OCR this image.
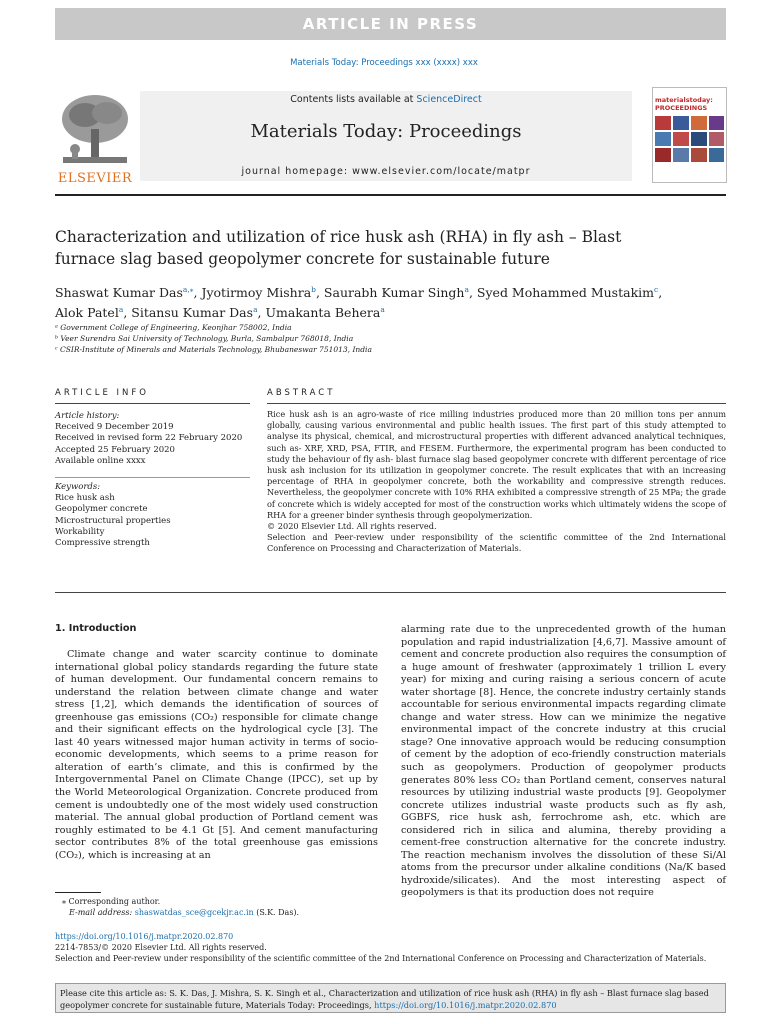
ARTICLE IN PRESS
Materials Today: Proceedings xxx (xxxx) xxx
ELSEVIER
Contents lists available at ScienceDirect
Materials Today: Proceedings
journal homepage: www.elsevier.com/locate/matpr
materialstoday: PROCEEDINGS
Characterization and utilization of rice husk ash (RHA) in fly ash – Blast
furnace slag based geopolymer concrete for sustainable future
Shaswat Kumar Das$^{a,⁎}$, Jyotirmoy Mishra$^b$, Saurabh Kumar Singh$^a$, Syed Mohammed Mustakim$^c$,
Alok Patel$^a$, Sitansu Kumar Das$^a$, Umakanta Behera$^a$
ᵃ Government College of Engineering, Keonjhar 758002, India
ᵇ Veer Surendra Sai University of Technology, Burla, Sambalpur 768018, India
ᶜ CSIR-Institute of Minerals and Materials Technology, Bhubaneswar 751013, India
ARTICLE INFO
Article history:
Received 9 December 2019
Received in revised form 22 February 2020
Accepted 25 February 2020
Available online xxxx
Keywords:
Rice husk ash
Geopolymer concrete
Microstructural properties
Workability
Compressive strength
ABSTRACT
Rice husk ash is an agro-waste of rice milling industries produced more than 20 million tons per annum globally, causing various environmental and public health issues. The first part of this study attempted to analyse its physical, chemical, and microstructural properties with different advanced analytical techniques, such as- XRF, XRD, PSA, FTIR, and FESEM. Furthermore, the experimental program has been conducted to study the behaviour of fly ash- blast furnace slag based geopolymer concrete with different percentage of rice husk ash inclusion for its utilization in geopolymer concrete. The result explicates that with an increasing percentage of RHA in geopolymer concrete, both the workability and compressive strength reduces. Nevertheless, the geopolymer concrete with 10% RHA exhibited a compressive strength of 25 MPa; the grade of concrete which is widely accepted for most of the construction works which ultimately widens the scope of RHA for a greener binder synthesis through geopolymerization.
© 2020 Elsevier Ltd. All rights reserved.
Selection and Peer-review under responsibility of the scientific committee of the 2nd International Conference on Processing and Characterization of Materials.
1. Introduction
Climate change and water scarcity continue to dominate international global policy standards regarding the future state of human development. Our fundamental concern remains to understand the relation between climate change and water stress [1,2], which demands the identification of sources of greenhouse gas emissions (CO₂) responsible for climate change and their significant effects on the hydrological cycle [3]. The last 40 years witnessed major human activity in terms of socio-economic developments, which seems to a prime reason for alteration of earth’s climate, and this is confirmed by the Intergovernmental Panel on Climate Change (IPCC), set up by the World Meteorological Organization. Concrete produced from cement is undoubtedly one of the most widely used construction material. The annual global production of Portland cement was roughly estimated to be 4.1 Gt [5]. And cement manufacturing sector contributes 8% of the total greenhouse gas emissions (CO₂), which is increasing at an
alarming rate due to the unprecedented growth of the human population and rapid industrialization [4,6,7]. Massive amount of cement and concrete production also requires the consumption of a huge amount of freshwater (approximately 1 trillion L every year) for mixing and curing raising a serious concern of acute water shortage [8]. Hence, the concrete industry certainly stands accountable for serious environmental impacts regarding climate change and water stress. How can we minimize the negative environmental impact of the concrete industry at this crucial stage? One innovative approach would be reducing consumption of cement by the adoption of eco-friendly construction materials such as geopolymers. Production of geopolymer products generates 80% less CO₂ than Portland cement, conserves natural resources by utilizing industrial waste products [9]. Geopolymer concrete utilizes industrial waste products such as fly ash, GGBFS, rice husk ash, ferrochrome ash, etc. which are considered rich in silica and alumina, thereby providing a cement-free construction alternative for the concrete industry. The reaction mechanism involves the dissolution of these Si/Al atoms from the precursor under alkaline conditions (Na/K based hydroxide/silicates). And the most interesting aspect of geopolymers is that its production does not require
⁎ Corresponding author.
E-mail address: shaswatdas_sce@gcekjr.ac.in (S.K. Das).
https://doi.org/10.1016/j.matpr.2020.02.870
2214-7853/© 2020 Elsevier Ltd. All rights reserved.
Selection and Peer-review under responsibility of the scientific committee of the 2nd International Conference on Processing and Characterization of Materials.
Please cite this article as: S. K. Das, J. Mishra, S. K. Singh et al., Characterization and utilization of rice husk ash (RHA) in fly ash – Blast furnace slag based geopolymer concrete for sustainable future, Materials Today: Proceedings, https://doi.org/10.1016/j.matpr.2020.02.870
